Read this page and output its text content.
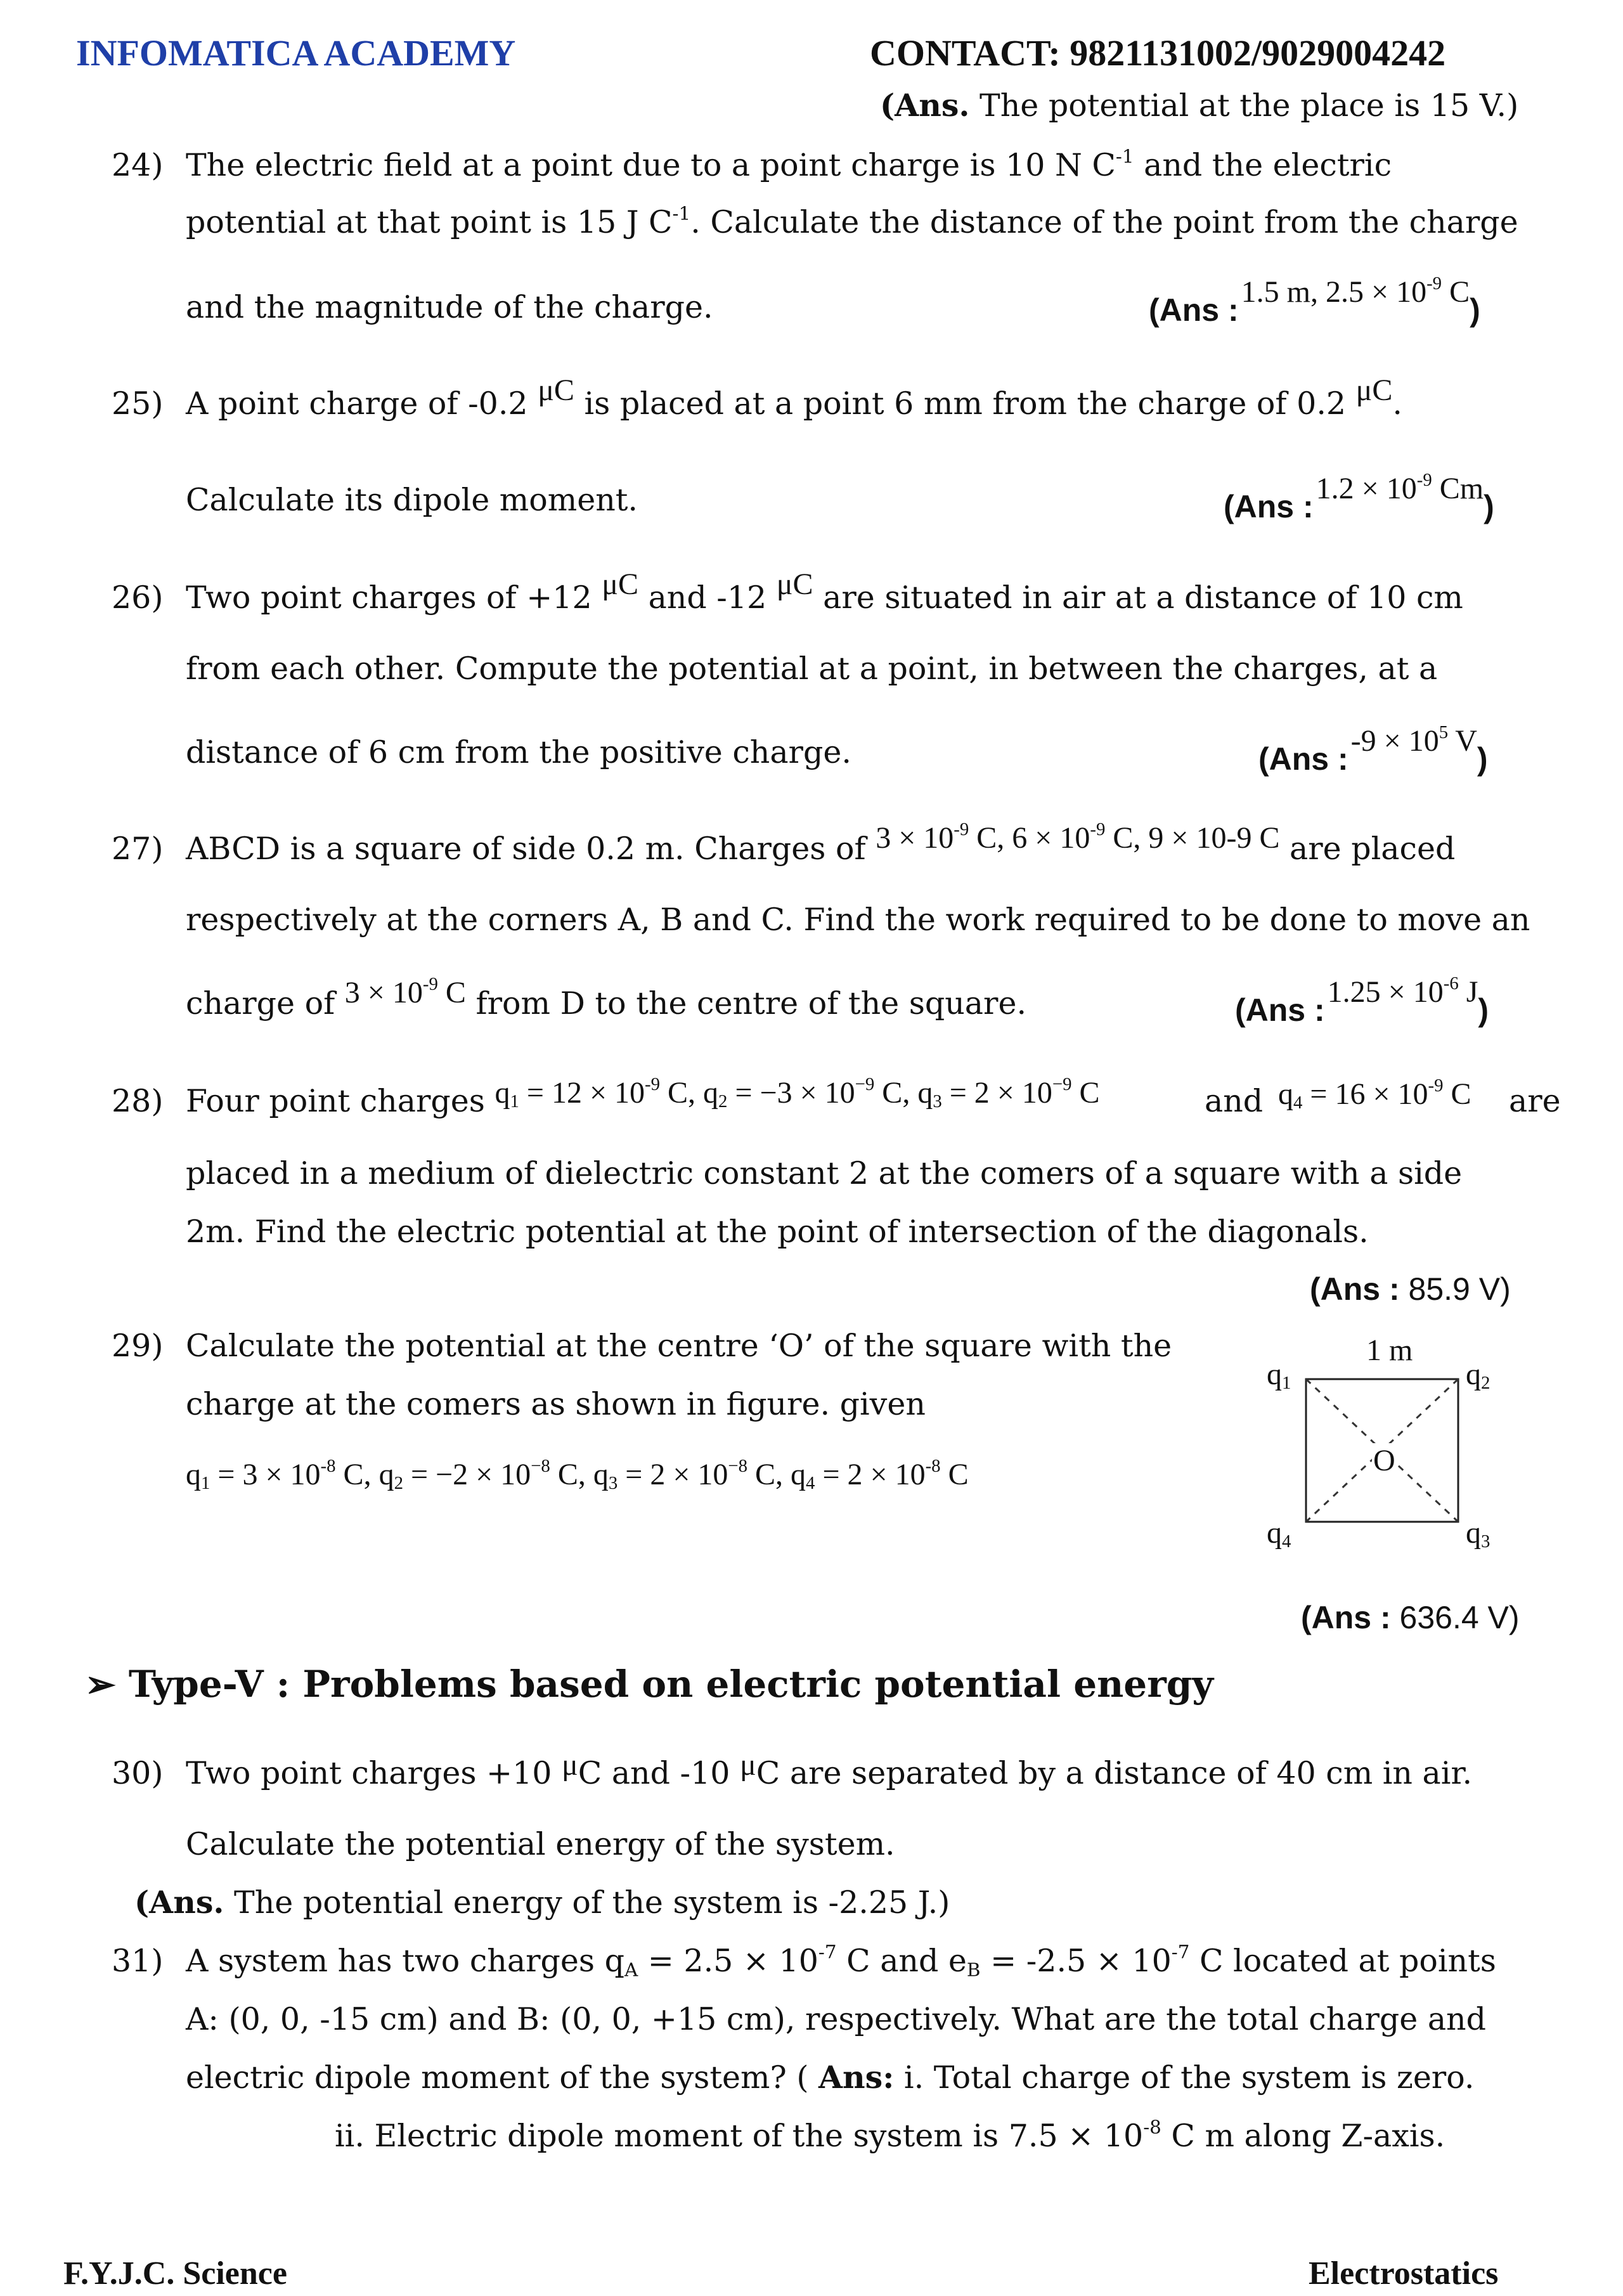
INFOMATICA ACADEMY	CONTACT: 9821131002/9029004242
(Ans. The potential at the place is 15 V.)
24) The electric field at a point due to a point charge is 10 N $C^{-1}$ and the electric
potential at that point is 15 J $C^{-1}$. Calculate the distance of the point from the charge
and the magnitude of the charge.	(Ans : 1.5 m, $2.5 \times 10^{-9}$ C)
25) A point charge of -0.2 μC is placed at a point 6 mm from the charge of 0.2 μC.
Calculate its dipole moment.	(Ans : $1.2 \times 10^{-9}$ Cm)
26) Two point charges of +12 μC and -12 μC are situated in air at a distance of 10 cm
from each other. Compute the potential at a point, in between the charges, at a
distance of 6 cm from the positive charge.	(Ans : $-9 \times 10^5$ V)
27) ABCD is a square of side 0.2 m. Charges of $3 \times 10^{-9}$ C, $6 \times 10^{-9}$ C, 9 × 10-9 C are placed
respectively at the corners A, B and C. Find the work required to be done to move an
charge of $3 \times 10^{-9}$ C from D to the centre of the square.	(Ans : $1.25 \times 10^{-6}$ J)
28) Four point charges $q_1 = 12 \times 10^{-9}$ C, $q_2 = -3 \times 10^{-9}$ C, $q_3 = 2 \times 10^{-9}$ C	and $q_4 = 16 \times 10^{-9}$ C are
placed in a medium of dielectric constant 2 at the comers of a square with a side
2m. Find the electric potential at the point of intersection of the diagonals.
(Ans : 85.9 V)
29) Calculate the potential at the centre ‘O’ of the square with the
charge at the comers as shown in figure. given
$q_1 = 3 \times 10^{-8}$ C, $q_2 = -2 \times 10^{-8}$ C, $q_3 = 2 \times 10^{-8}$ C, $q_4 = 2 \times 10^{-8}$ C
1 m
$q_1$	$q_2$
$q_3$
$q_4$
O
(Ans : 636.4 V)
➢ Type-V : Problems based on electric potential energy
30) Two point charges +10 μC and -10 μC are separated by a distance of 40 cm in air.
Calculate the potential energy of the system.
(Ans. The potential energy of the system is -2.25 J.)
31) A system has two charges $q_A = 2.5 \times 10^{-7}$ C and $e_B = -2.5 \times 10^{-7}$ C located at points
A: (0, 0, -15 cm) and B: (0, 0, +15 cm), respectively. What are the total charge and
electric dipole moment of the system? ( Ans: i. Total charge of the system is zero.
ii. Electric dipole moment of the system is $7.5 \times 10^{-8}$ C m along Z-axis.
F.Y.J.C. Science	Electrostatics
